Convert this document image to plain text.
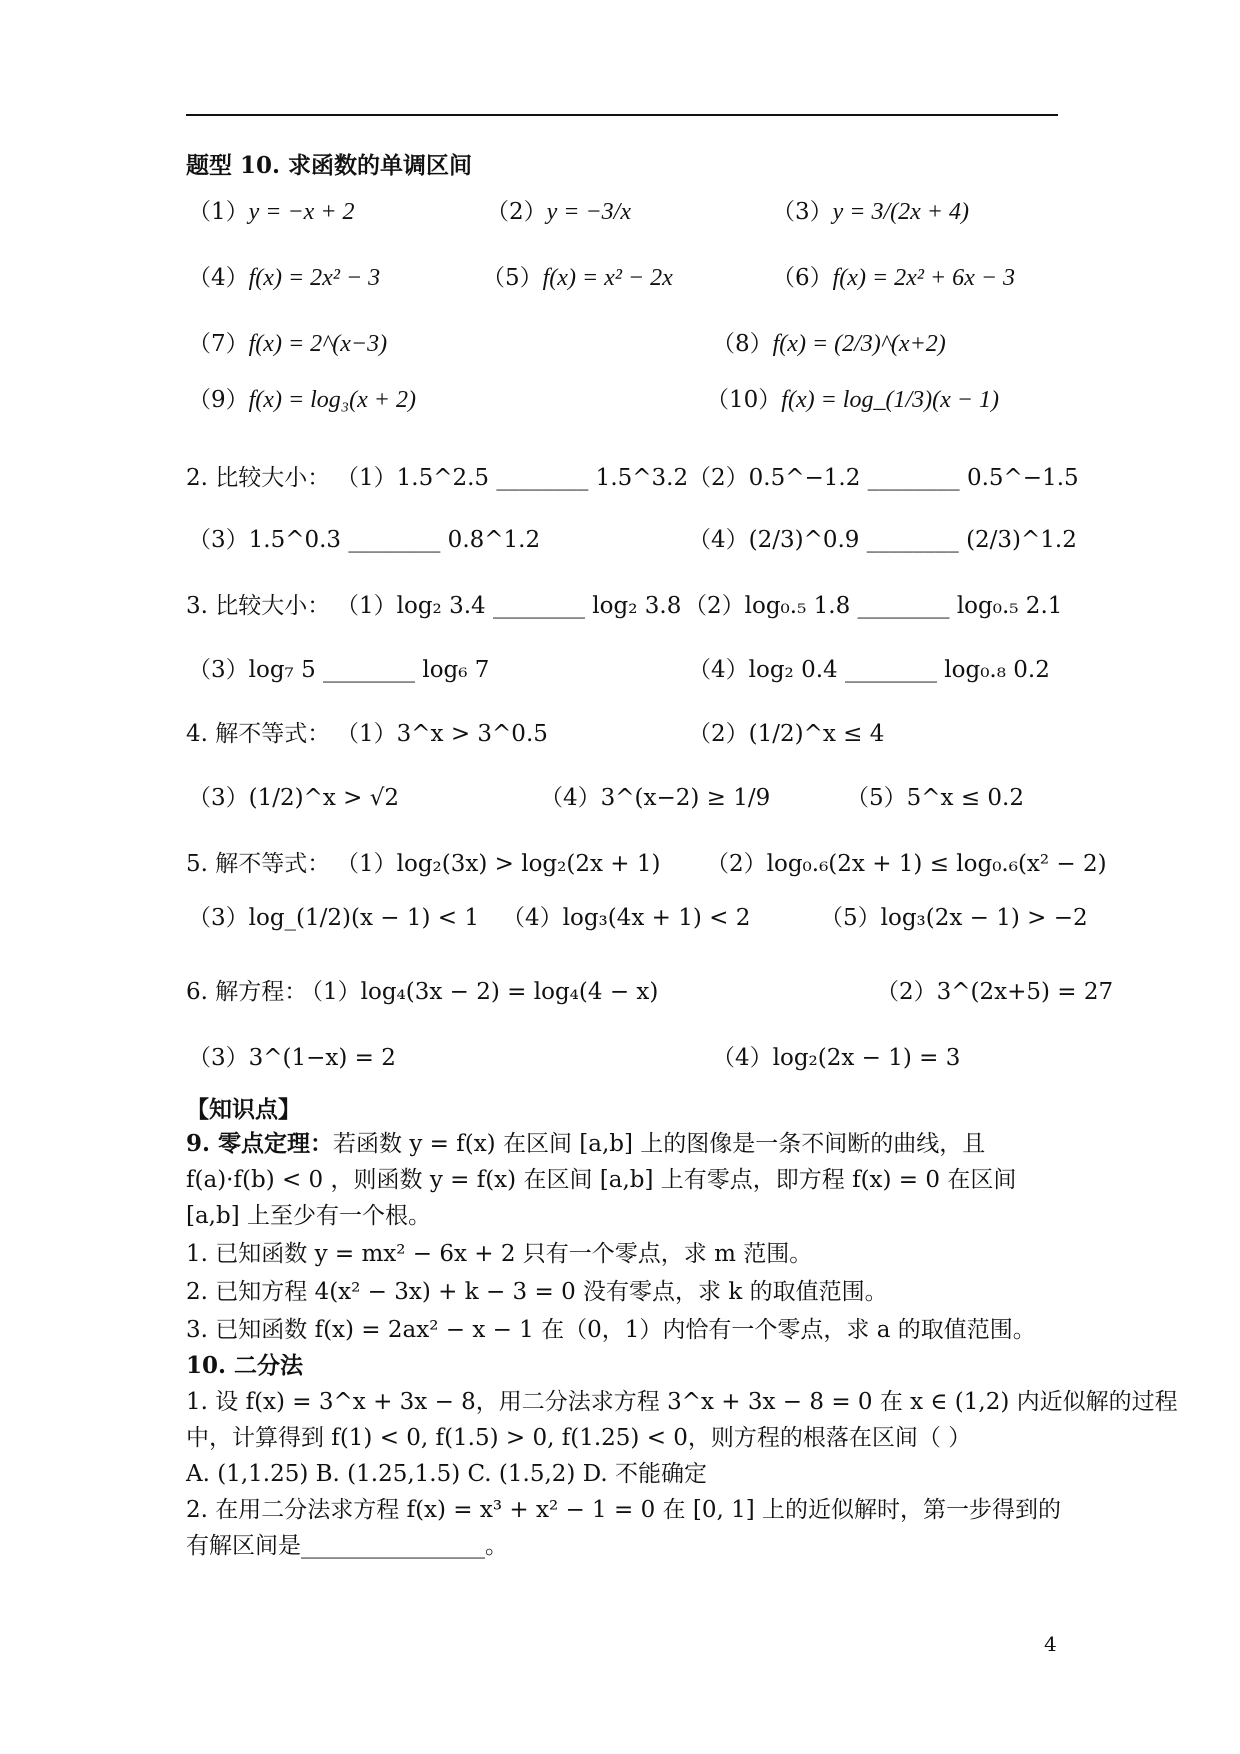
题型 10. 求函数的单调区间
（1）y = −x + 2	（2）y = −3/x	（3）y = 3/(2x + 4)
（4）f(x) = 2x² − 3	（5）f(x) = x² − 2x	（6）f(x) = 2x² + 6x − 3
（7）f(x) = 2^(x−3)	（8）f(x) = (2/3)^(x+2)
（9）f(x) = log₃(x + 2)	（10）f(x) = log_(1/3)(x − 1)
2. 比较大小： （1）1.5^2.5 ________ 1.5^3.2 （2）0.5^−1.2 ________ 0.5^−1.5
（3）1.5^0.3 ________ 0.8^1.2	（4）(2/3)^0.9 ________ (2/3)^1.2
3. 比较大小： （1）log₂ 3.4 ________ log₂ 3.8 （2）log₀.₅ 1.8 ________ log₀.₅ 2.1
（3）log₇ 5 ________ log₆ 7	（4）log₂ 0.4 ________ log₀.₈ 0.2
4. 解不等式： （1）3^x > 3^0.5	（2）(1/2)^x ≤ 4
（3）(1/2)^x > √2	（4）3^(x−2) ≥ 1/9	（5）5^x ≤ 0.2
5. 解不等式： （1）log₂(3x) > log₂(2x + 1) （2）log₀.₆(2x + 1) ≤ log₀.₆(x² − 2)
（3）log_(1/2)(x − 1) < 1 （4）log₃(4x + 1) < 2	（5）log₃(2x − 1) > −2
6. 解方程：
（1）log₄(3x − 2) = log₄(4 − x)	（2）3^(2x+5) = 27
（3）3^(1−x) = 2	（4）log₂(2x − 1) = 3
【知识点】
9. 零点定理：若函数 y = f(x) 在区间 [a,b] 上的图像是一条不间断的曲线，且
f(a)·f(b) < 0 ，则函数 y = f(x) 在区间 [a,b] 上有零点，即方程 f(x) = 0 在区间
[a,b] 上至少有一个根。
1. 已知函数 y = mx² − 6x + 2 只有一个零点，求 m 范围。
2. 已知方程 4(x² − 3x) + k − 3 = 0 没有零点，求 k 的取值范围。
3. 已知函数 f(x) = 2ax² − x − 1 在（0，1）内恰有一个零点，求 a 的取值范围。
10. 二分法
1. 设 f(x) = 3^x + 3x − 8，用二分法求方程 3^x + 3x − 8 = 0 在 x ∈ (1,2) 内近似解的过程
中，计算得到 f(1) < 0, f(1.5) > 0, f(1.25) < 0，则方程的根落在区间（ ）
A. (1,1.25) B. (1.25,1.5) C. (1.5,2) D. 不能确定
2. 在用二分法求方程 f(x) = x³ + x² − 1 = 0 在 [0, 1] 上的近似解时，第一步得到的
有解区间是________________。
4
